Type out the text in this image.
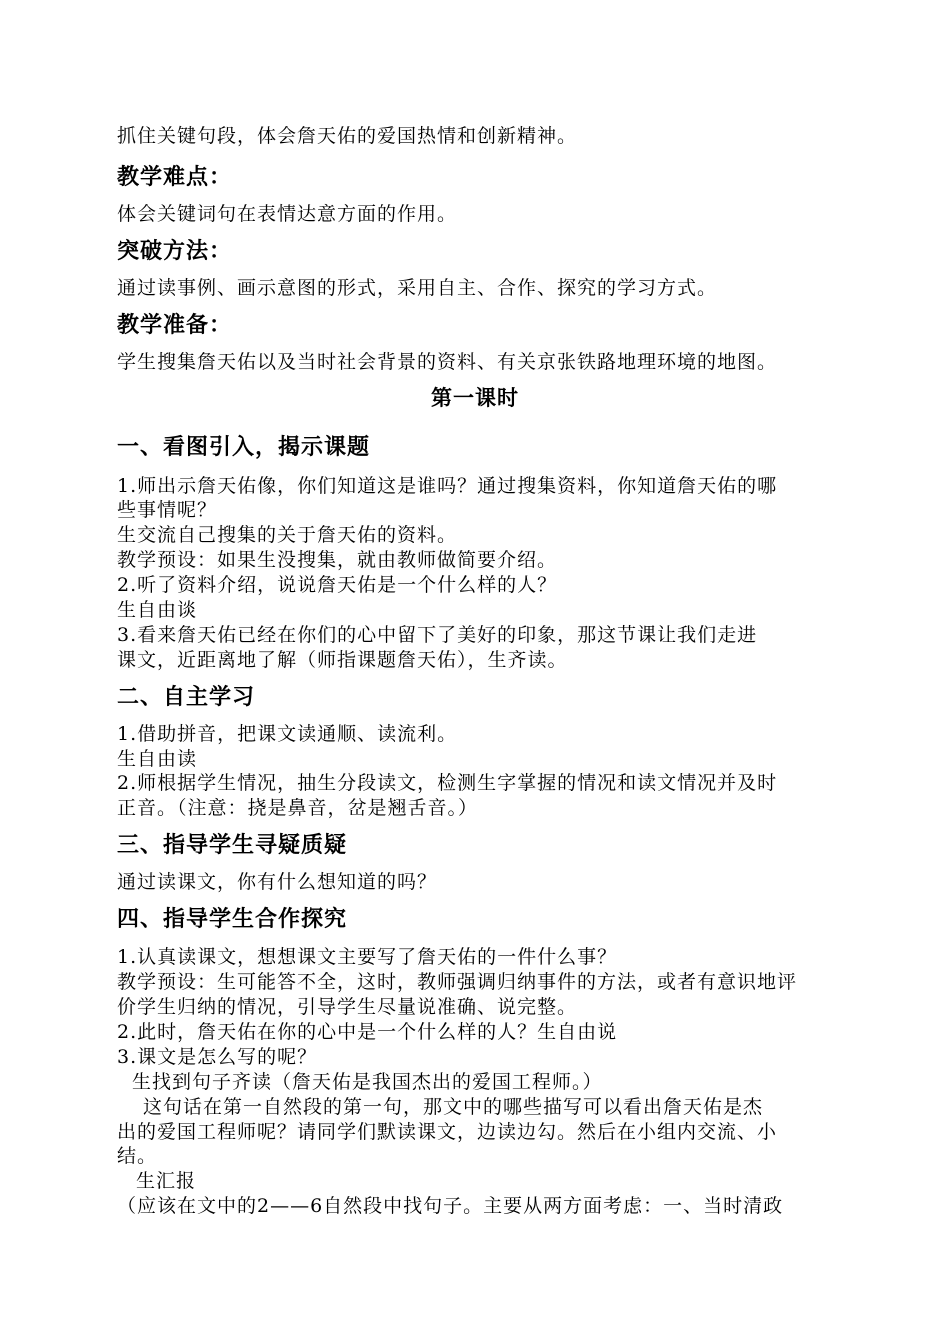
抓住关键句段，体会詹天佑的爱国热情和创新精神。
教学难点：
体会关键词句在表情达意方面的作用。
突破方法：
通过读事例、画示意图的形式，采用自主、合作、探究的学习方式。
教学准备：
学生搜集詹天佑以及当时社会背景的资料、有关京张铁路地理环境的地图。
第一课时
一、看图引入，揭示课题
1.师出示詹天佑像，你们知道这是谁吗？通过搜集资料，你知道詹天佑的哪
些事情呢？
生交流自己搜集的关于詹天佑的资料。
教学预设：如果生没搜集，就由教师做简要介绍。
2.听了资料介绍，说说詹天佑是一个什么样的人？
生自由谈
3.看来詹天佑已经在你们的心中留下了美好的印象，那这节课让我们走进
课文，近距离地了解（师指课题詹天佑），生齐读。
二、自主学习
1.借助拼音，把课文读通顺、读流利。
生自由读
2.师根据学生情况，抽生分段读文，检测生字掌握的情况和读文情况并及时
正音。（注意：挠是鼻音，岔是翘舌音。）
三、指导学生寻疑质疑
通过读课文，你有什么想知道的吗？
四、指导学生合作探究
1.认真读课文，想想课文主要写了詹天佑的一件什么事？
教学预设：生可能答不全，这时，教师强调归纳事件的方法，或者有意识地评
价学生归纳的情况，引导学生尽量说准确、说完整。
2.此时，詹天佑在你的心中是一个什么样的人？生自由说
3.课文是怎么写的呢？
生找到句子齐读（詹天佑是我国杰出的爱国工程师。）
这句话在第一自然段的第一句，那文中的哪些描写可以看出詹天佑是杰
出的爱国工程师呢？请同学们默读课文，边读边勾。然后在小组内交流、小
结。
生汇报
（应该在文中的2——6自然段中找句子。主要从两方面考虑：一、当时清政
